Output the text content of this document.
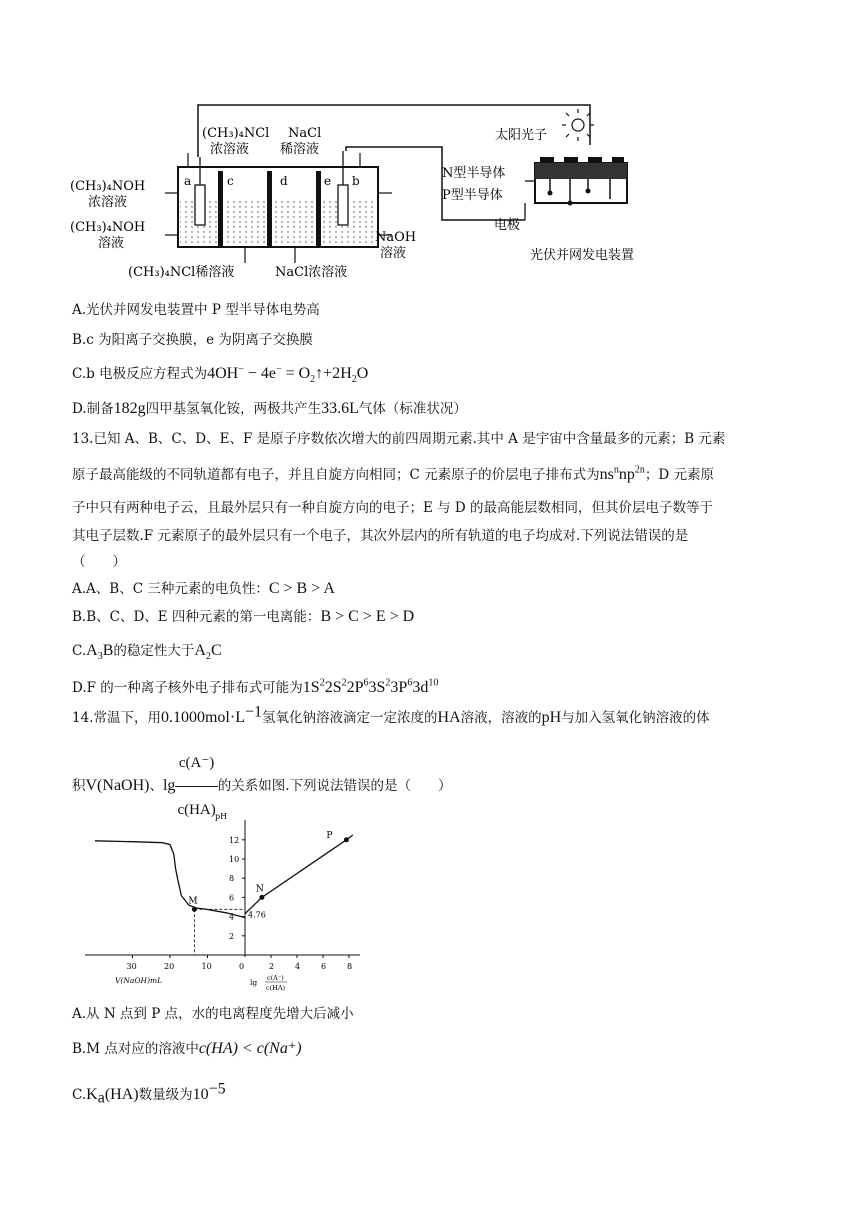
a	c	d	e b
(CH₃)₄NCl
浓溶液
NaCl
稀溶液
(CH₃)₄NOH
浓溶液
(CH₃)₄NOH
溶液	NaOH
溶液
(CH₃)₄NCl稀溶液	NaCl浓溶液
太阳光子
N型半导体
P型半导体
电极
光伏并网发电装置
A.光伏并网发电装置中 P 型半导体电势高
B.c 为阳离子交换膜，e 为阴离子交换膜
C.b 电极反应方程式为$4OH^- - 4e^- = O_2↑+2H_2O$
D.制备182g四甲基氢氧化铵，两极共产生33.6L气体（标准状况）
13.已知 A、B、C、D、E、F 是原子序数依次增大的前四周期元素.其中 A 是宇宙中含量最多的元素；B 元素
原子最高能级的不同轨道都有电子，并且自旋方向相同；C 元素原子的价层电子排布式为$ns^nnp^{2n}$；D 元素原
子中只有两种电子云，且最外层只有一种自旋方向的电子；E 与 D 的最高能层数相同，但其价层电子数等于
其电子层数.F 元素原子的最外层只有一个电子，其次外层内的所有轨道的电子均成对.下列说法错误的是
（　　）
A.A、B、C 三种元素的电负性：C > B > A
B.B、C、D、E 四种元素的第一电离能：B > C > E > D
$C.A_3B$的稳定性大于$A_2C$
D.F 的一种离子核外电子排布式可能为$1S^22S^22P^63S^23P^63d^{10}$
14.常温下，用$0.1000mol\cdot L^{-1}$氢氧化钠溶液滴定一定浓度的HA溶液，溶液的pH与加入氢氧化钠溶液的体
积V(NaOH)、$\lg \frac{c(A^-)}{c(HA)}$ 的关系如图.下列说法错误的是（　　）
pH
2
4
6
8
10
12
30	20	10	0	2	4	6	8
V(NaOH)mL	lg c(A⁻)
c(HA)
M
N
P
4.76
A.从 N 点到 P 点，水的电离程度先增大后减小
B.M 点对应的溶液中c(HA) < c(Na⁺)
$C.K_a(HA)$数量级为$10^{-5}$
